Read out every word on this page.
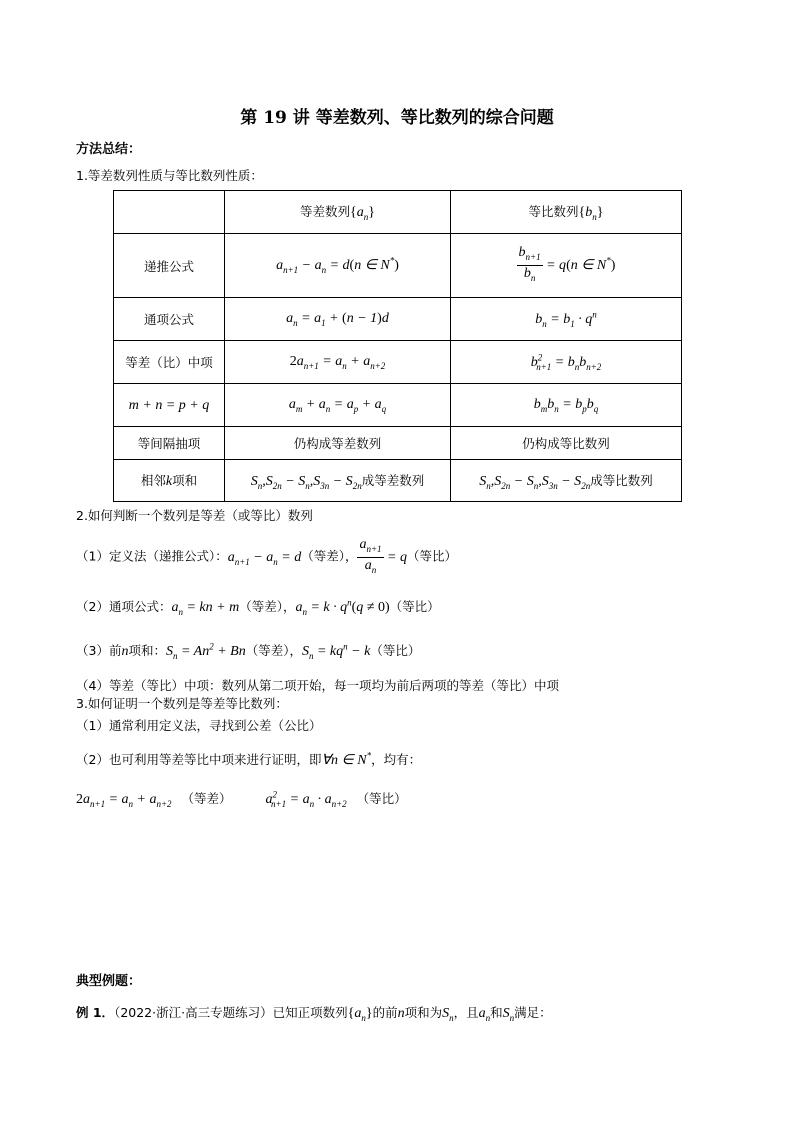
第 19 讲 等差数列、等比数列的综合问题
方法总结：
1.等差数列性质与等比数列性质：
	等差数列$\{a_n\}$	等比数列$\{b_n\}$
递推公式	$a_{n+1} - a_n = d(n$ ∈ N*)	$\frac{b_{n+1}}{b_n} = q(n$ ∈ N*)
通项公式	$a_n = a_1 + (n - 1)d$	$b_n = b_1 \cdot q^n$
等差（比）中项	$2a_{n+1} = a_n + a_{n+2}$	$b^2_{n+1} = b_nb_{n+2}$
m + n = p + q	$a_m + a_n = a_p + a_q$	$b_mb_n = b_pb_q$
等间隔抽项	仍构成等差数列	仍构成等比数列
相邻k项和	$S_n,S_{2n} - S_n,S_{3n} - S_{2n}$成等差数列	$S_n,S_{2n} - S_n,S_{3n} - S_{2n}$成等比数列
2.如何判断一个数列是等差（或等比）数列
（1）定义法（递推公式）：$a_{n+1} - a_n = d$（等差）， $\frac{a_{n+1}}{a_n} = q$（等比）
（2）通项公式：$a_n$ = kn + m（等差），$a_n = k \cdot q^n(q \ne 0)$（等比）
（3）前n项和：$S_n = An^2 + Bn$（等差），$S_n = kq^n - k$（等比）
（4）等差（等比）中项：数列从第二项开始，每一项均为前后两项的等差（等比）中项
3.如何证明一个数列是等差等比数列：
（1）通常利用定义法，寻找到公差（公比）
（2）也可利用等差等比中项来进行证明，即∀n ∈ N*，均有：
$2a_{n+1} = a_n + a_{n+2}$ （等差） $a^2_{n+1} = a_n \cdot a_{n+2}$ （等比）
典型例题：
例 1．（2022·浙江·高三专题练习）已知正项数列$\{a_n\}$的前n项和为$S_n$，且$a_n$和$S_n$满足：
